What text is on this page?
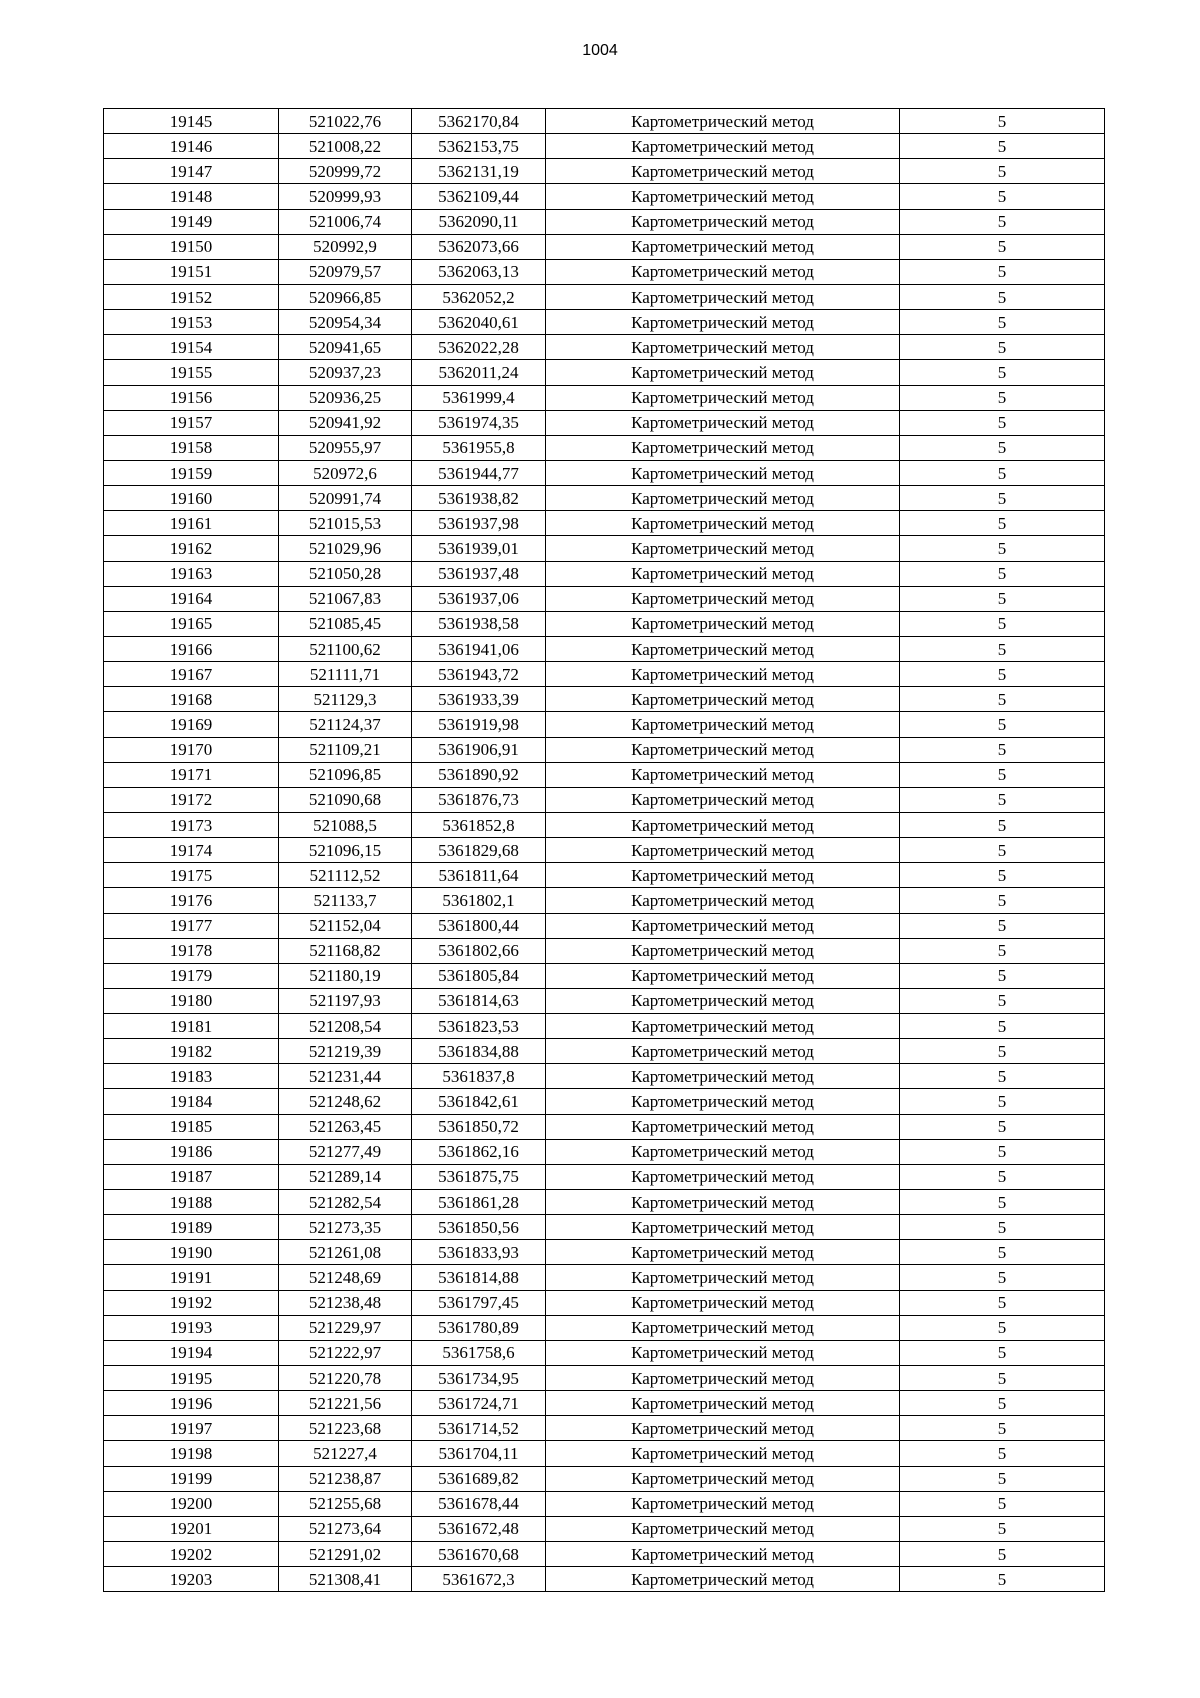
1004
19145	521022,76	5362170,84	Картометрический метод	5
19146	521008,22	5362153,75	Картометрический метод	5
19147	520999,72	5362131,19	Картометрический метод	5
19148	520999,93	5362109,44	Картометрический метод	5
19149	521006,74	5362090,11	Картометрический метод	5
19150	520992,9	5362073,66	Картометрический метод	5
19151	520979,57	5362063,13	Картометрический метод	5
19152	520966,85	5362052,2	Картометрический метод	5
19153	520954,34	5362040,61	Картометрический метод	5
19154	520941,65	5362022,28	Картометрический метод	5
19155	520937,23	5362011,24	Картометрический метод	5
19156	520936,25	5361999,4	Картометрический метод	5
19157	520941,92	5361974,35	Картометрический метод	5
19158	520955,97	5361955,8	Картометрический метод	5
19159	520972,6	5361944,77	Картометрический метод	5
19160	520991,74	5361938,82	Картометрический метод	5
19161	521015,53	5361937,98	Картометрический метод	5
19162	521029,96	5361939,01	Картометрический метод	5
19163	521050,28	5361937,48	Картометрический метод	5
19164	521067,83	5361937,06	Картометрический метод	5
19165	521085,45	5361938,58	Картометрический метод	5
19166	521100,62	5361941,06	Картометрический метод	5
19167	521111,71	5361943,72	Картометрический метод	5
19168	521129,3	5361933,39	Картометрический метод	5
19169	521124,37	5361919,98	Картометрический метод	5
19170	521109,21	5361906,91	Картометрический метод	5
19171	521096,85	5361890,92	Картометрический метод	5
19172	521090,68	5361876,73	Картометрический метод	5
19173	521088,5	5361852,8	Картометрический метод	5
19174	521096,15	5361829,68	Картометрический метод	5
19175	521112,52	5361811,64	Картометрический метод	5
19176	521133,7	5361802,1	Картометрический метод	5
19177	521152,04	5361800,44	Картометрический метод	5
19178	521168,82	5361802,66	Картометрический метод	5
19179	521180,19	5361805,84	Картометрический метод	5
19180	521197,93	5361814,63	Картометрический метод	5
19181	521208,54	5361823,53	Картометрический метод	5
19182	521219,39	5361834,88	Картометрический метод	5
19183	521231,44	5361837,8	Картометрический метод	5
19184	521248,62	5361842,61	Картометрический метод	5
19185	521263,45	5361850,72	Картометрический метод	5
19186	521277,49	5361862,16	Картометрический метод	5
19187	521289,14	5361875,75	Картометрический метод	5
19188	521282,54	5361861,28	Картометрический метод	5
19189	521273,35	5361850,56	Картометрический метод	5
19190	521261,08	5361833,93	Картометрический метод	5
19191	521248,69	5361814,88	Картометрический метод	5
19192	521238,48	5361797,45	Картометрический метод	5
19193	521229,97	5361780,89	Картометрический метод	5
19194	521222,97	5361758,6	Картометрический метод	5
19195	521220,78	5361734,95	Картометрический метод	5
19196	521221,56	5361724,71	Картометрический метод	5
19197	521223,68	5361714,52	Картометрический метод	5
19198	521227,4	5361704,11	Картометрический метод	5
19199	521238,87	5361689,82	Картометрический метод	5
19200	521255,68	5361678,44	Картометрический метод	5
19201	521273,64	5361672,48	Картометрический метод	5
19202	521291,02	5361670,68	Картометрический метод	5
19203	521308,41	5361672,3	Картометрический метод	5
